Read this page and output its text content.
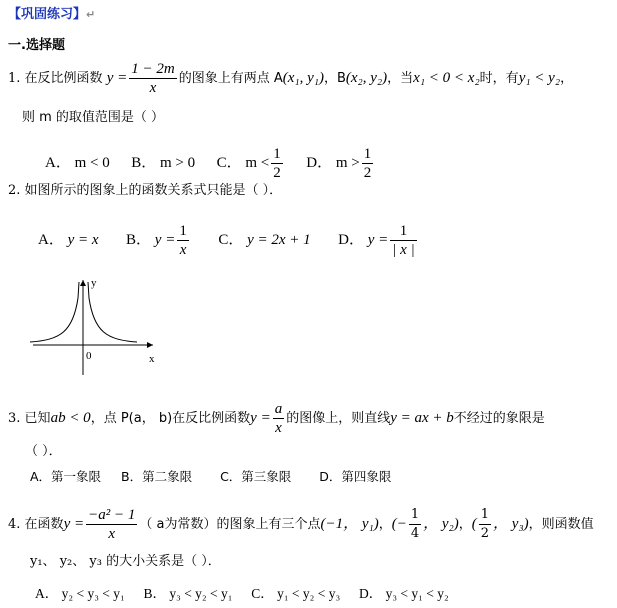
【巩固练习】↵
一.选择题
1. 在反比例函数 $y = \frac{1 - 2m}{x}$ 的图象上有两点 A(x₁, y₁)，B(x₂, y₂)，当x₁ < 0 < x₂时，有y₁ < y₂，
则 m 的取值范围是（ ）
A． m < 0 B． m > 0 C． $m < \frac{1}{2}$ D． $m > \frac{1}{2}$
2. 如图所示的图象上的函数关系式只能是（ ）．
A． y = x B． $y = \frac{1}{x}$ C． y = 2x + 1 D． $y = \frac{1}{| x |}$
y
x
0
3. 已知ab < 0，点 P(a， b)在反比例函数$y = \frac{a}{x}$ 的图像上，则直线y = ax + b不经过的象限是
（ ）．
A．第一象限 B．第二象限 C．第三象限 D．第四象限
4. 在函数$y = \frac{\text{−a² − 1}}{x}$ （ a为常数）的图象上有三个点(−1， y₁)，(− $\frac{1}{4}$ ， y₂)，( $\frac{1}{2}$ ， y₃)，则函数值
y₁、 y₂、 y₃ 的大小关系是（ ）．
A． y₂ < y₃ < y₁ B． y₃ < y₂ < y₁ C． y₁ < y₂ < y₃ D． y₃ < y₁ < y₂
